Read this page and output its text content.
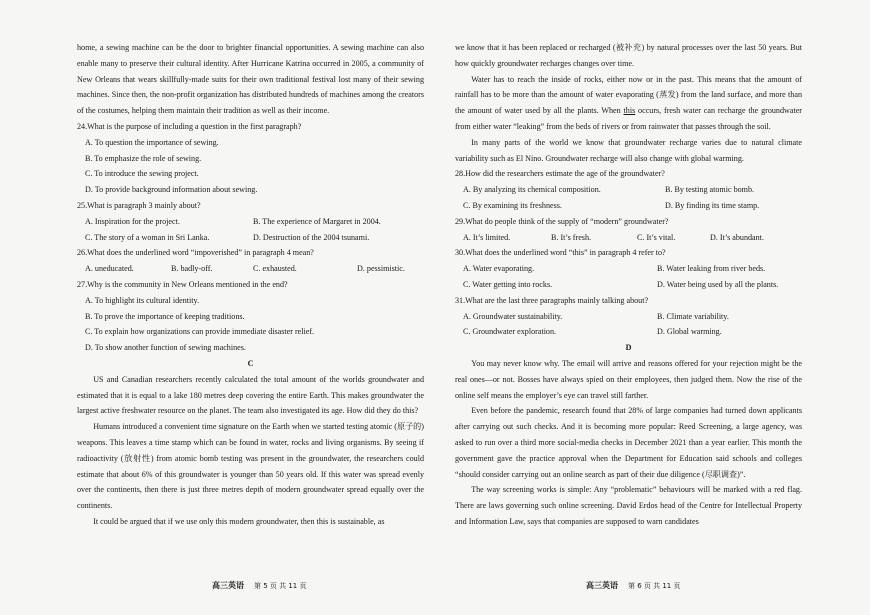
home, a sewing machine can be the door to brighter financial opportunities. A sewing machine can also enable many to preserve their cultural identity. After Hurricane Katrina occurred in 2005, a community of New Orleans that wears skillfully-made suits for their own traditional festival lost many of their sewing machines. Since then, the non-profit organization has distributed hundreds of machines among the creators of the costumes, helping them maintain their tradition as well as their income.

24.What is the purpose of including a question in the first paragraph?

A. To question the importance of sewing.

B. To emphasize the role of sewing.

C. To introduce the sewing project.

D. To provide background information about sewing.

25.What is paragraph 3 mainly about?

A. Inspiration for the project.	B. The experience of Margaret in 2004.
C. The story of a woman in Sri Lanka.	D. Destruction of the 2004 tsunami.

26.What does the underlined word “impoverished” in paragraph 4 mean?

A. uneducated.	B. badly-off.	C. exhausted.	D. pessimistic.

27.Why is the community in New Orleans mentioned in the end?

A. To highlight its cultural identity.

B. To prove the importance of keeping traditions.

C. To explain how organizations can provide immediate disaster relief.

D. To show another function of sewing machines.

C

US and Canadian researchers recently calculated the total amount of the worlds groundwater and estimated that it is equal to a lake 180 metres deep covering the entire Earth. This makes groundwater the largest active freshwater resource on the planet. The team also investigated its age. How did they do this?

Humans introduced a convenient time signature on the Earth when we started testing atomic (原子的) weapons. This leaves a time stamp which can be found in water, rocks and living organisms. By seeing if radioactivity (放射性) from atomic bomb testing was present in the groundwater, the researchers could estimate that about 6% of this groundwater is younger than 50 years old. If this water was spread evenly over the continents, then there is just three metres depth of modern groundwater spread equally over the continents.

It could be argued that if we use only this modern groundwater, then this is sustainable, as

高三英语 第 5 页 共 11 页

we know that it has been replaced or recharged (被补充) by natural processes over the last 50 years. But how quickly groundwater recharges changes over time.

Water has to reach the inside of rocks, either now or in the past. This means that the amount of rainfall has to be more than the amount of water evaporating (蒸发) from the land surface, and more than the amount of water used by all the plants. When this occurs, fresh water can recharge the groundwater from either water “leaking” from the beds of rivers or from rainwater that passes through the soil.

In many parts of the world we know that groundwater recharge varies due to natural climate variability such as El Nino. Groundwater recharge will also change with global warming.

28.How did the researchers estimate the age of the groundwater?

A. By analyzing its chemical composition.	B. By testing atomic bomb.
C. By examining its freshness.	D. By finding its time stamp.

29.What do people think of the supply of “modern” groundwater?

A. It’s limited.	B. It’s fresh.	C. It’s vital.	D. It’s abundant.

30.What does the underlined word “this” in paragraph 4 refer to?

A. Water evaporating.	B. Water leaking from river beds.
C. Water getting into rocks.	D. Water being used by all the plants.

31.What are the last three paragraphs mainly talking about?

A. Groundwater sustainability.	B. Climate variability.
C. Groundwater exploration.	D. Global warming.

D

You may never know why. The email will arrive and reasons offered for your rejection might be the real ones—or not. Bosses have always spied on their employees, then judged them. Now the rise of the online self means the employer’s eye can travel still farther.

Even before the pandemic, research found that 28% of large companies had turned down applicants after carrying out such checks. And it is becoming more popular: Reed Screening, a large agency, was asked to run over a third more social-media checks in December 2021 than a year earlier. This month the government gave the practice approval when the Department for Education said schools and colleges “should consider carrying out an online search as part of their due diligence (尽职调查)”.

The way screening works is simple: Any “problematic” behaviours will be marked with a red flag. There are laws governing such online screening. David Erdos head of the Centre for Intellectual Property and Information Law, says that companies are supposed to warn candidates

高三英语 第 6 页 共 11 页
